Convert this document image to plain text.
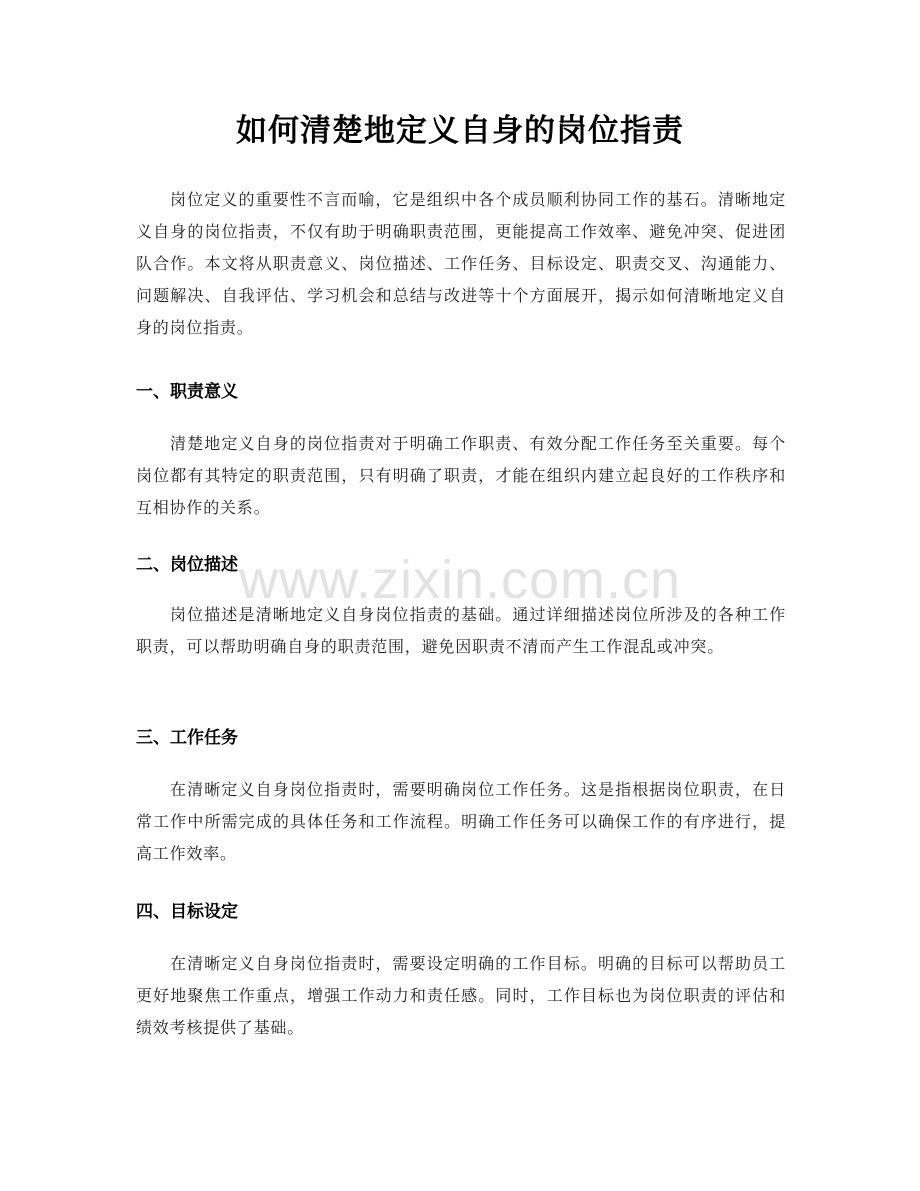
如何清楚地定义自身的岗位指责

岗位定义的重要性不言而喻，它是组织中各个成员顺利协同工作的基石。清晰地定义自身的岗位指责，不仅有助于明确职责范围，更能提高工作效率、避免冲突、促进团队合作。本文将从职责意义、岗位描述、工作任务、目标设定、职责交叉、沟通能力、问题解决、自我评估、学习机会和总结与改进等十个方面展开，揭示如何清晰地定义自身的岗位指责。

一、职责意义

清楚地定义自身的岗位指责对于明确工作职责、有效分配工作任务至关重要。每个岗位都有其特定的职责范围，只有明确了职责，才能在组织内建立起良好的工作秩序和互相协作的关系。

二、岗位描述

岗位描述是清晰地定义自身岗位指责的基础。通过详细描述岗位所涉及的各种工作职责，可以帮助明确自身的职责范围，避免因职责不清而产生工作混乱或冲突。

三、工作任务

在清晰定义自身岗位指责时，需要明确岗位工作任务。这是指根据岗位职责，在日常工作中所需完成的具体任务和工作流程。明确工作任务可以确保工作的有序进行，提高工作效率。

四、目标设定

在清晰定义自身岗位指责时，需要设定明确的工作目标。明确的目标可以帮助员工更好地聚焦工作重点，增强工作动力和责任感。同时，工作目标也为岗位职责的评估和绩效考核提供了基础。

www.zixin.com.cn
